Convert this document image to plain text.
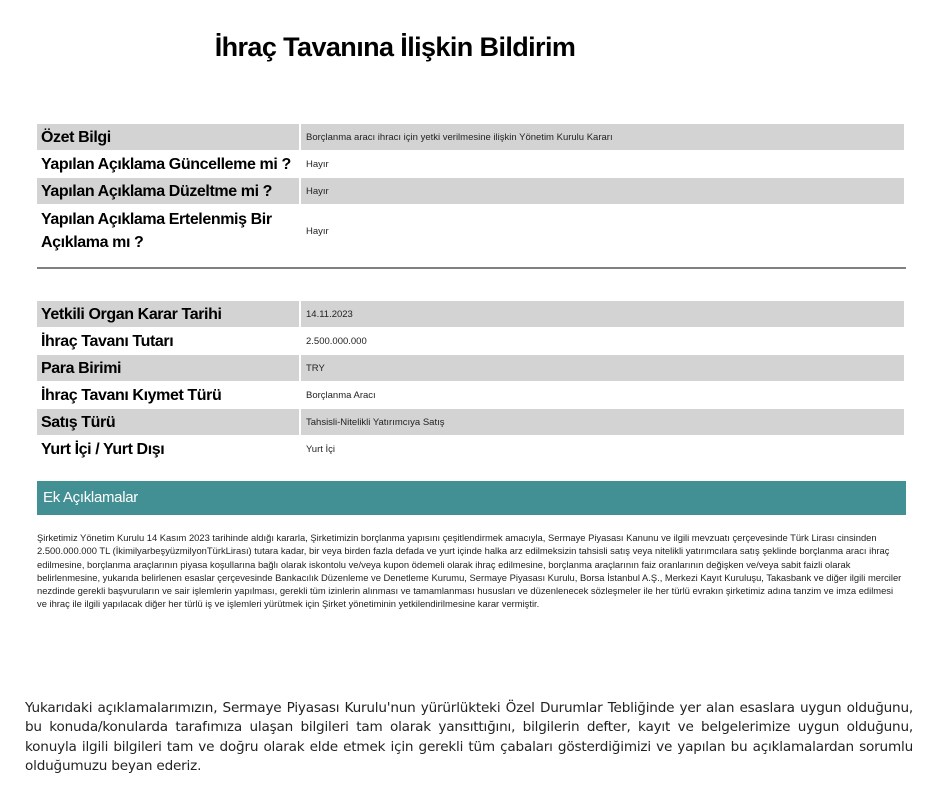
İhraç Tavanına İlişkin Bildirim
Özet Bilgi	Borçlanma aracı ihracı için yetki verilmesine ilişkin Yönetim Kurulu Kararı
Yapılan Açıklama Güncelleme mi ?	Hayır
Yapılan Açıklama Düzeltme mi ?	Hayır
Yapılan Açıklama Ertelenmiş Bir Açıklama mı ?	Hayır
Yetkili Organ Karar Tarihi	14.11.2023
İhraç Tavanı Tutarı	2.500.000.000
Para Birimi	TRY
İhraç Tavanı Kıymet Türü	Borçlanma Aracı
Satış Türü	Tahsisli-Nitelikli Yatırımcıya Satış
Yurt İçi / Yurt Dışı	Yurt İçi
Ek Açıklamalar
Şirketimiz Yönetim Kurulu 14 Kasım 2023 tarihinde aldığı kararla, Şirketimizin borçlanma yapısını çeşitlendirmek amacıyla, Sermaye Piyasası Kanunu ve ilgili mevzuatı çerçevesinde Türk Lirası cinsinden 2.500.000.000 TL (İkimilyarbeşyüzmilyonTürkLirası) tutara kadar, bir veya birden fazla defada ve yurt içinde halka arz edilmeksizin tahsisli satış veya nitelikli yatırımcılara satış şeklinde borçlanma aracı ihraç edilmesine, borçlanma araçlarının piyasa koşullarına bağlı olarak iskontolu ve/veya kupon ödemeli olarak ihraç edilmesine, borçlanma araçlarının faiz oranlarının değişken ve/veya sabit faizli olarak belirlenmesine, yukarıda belirlenen esaslar çerçevesinde Bankacılık Düzenleme ve Denetleme Kurumu, Sermaye Piyasası Kurulu, Borsa İstanbul A.Ş., Merkezi Kayıt Kuruluşu, Takasbank ve diğer ilgili merciler nezdinde gerekli başvuruların ve sair işlemlerin yapılması, gerekli tüm izinlerin alınması ve tamamlanması hususları ve düzenlenecek sözleşmeler ile her türlü evrakın şirketimiz adına tanzim ve imza edilmesi ve ihraç ile ilgili yapılacak diğer her türlü iş ve işlemleri yürütmek için Şirket yönetiminin yetkilendirilmesine karar vermiştir.
Yukarıdaki açıklamalarımızın, Sermaye Piyasası Kurulu'nun yürürlükteki Özel Durumlar Tebliğinde yer alan esaslara uygun olduğunu, bu konuda/konularda tarafımıza ulaşan bilgileri tam olarak yansıttığını, bilgilerin defter, kayıt ve belgelerimize uygun olduğunu, konuyla ilgili bilgileri tam ve doğru olarak elde etmek için gerekli tüm çabaları gösterdiğimizi ve yapılan bu açıklamalardan sorumlu olduğumuzu beyan ederiz.
